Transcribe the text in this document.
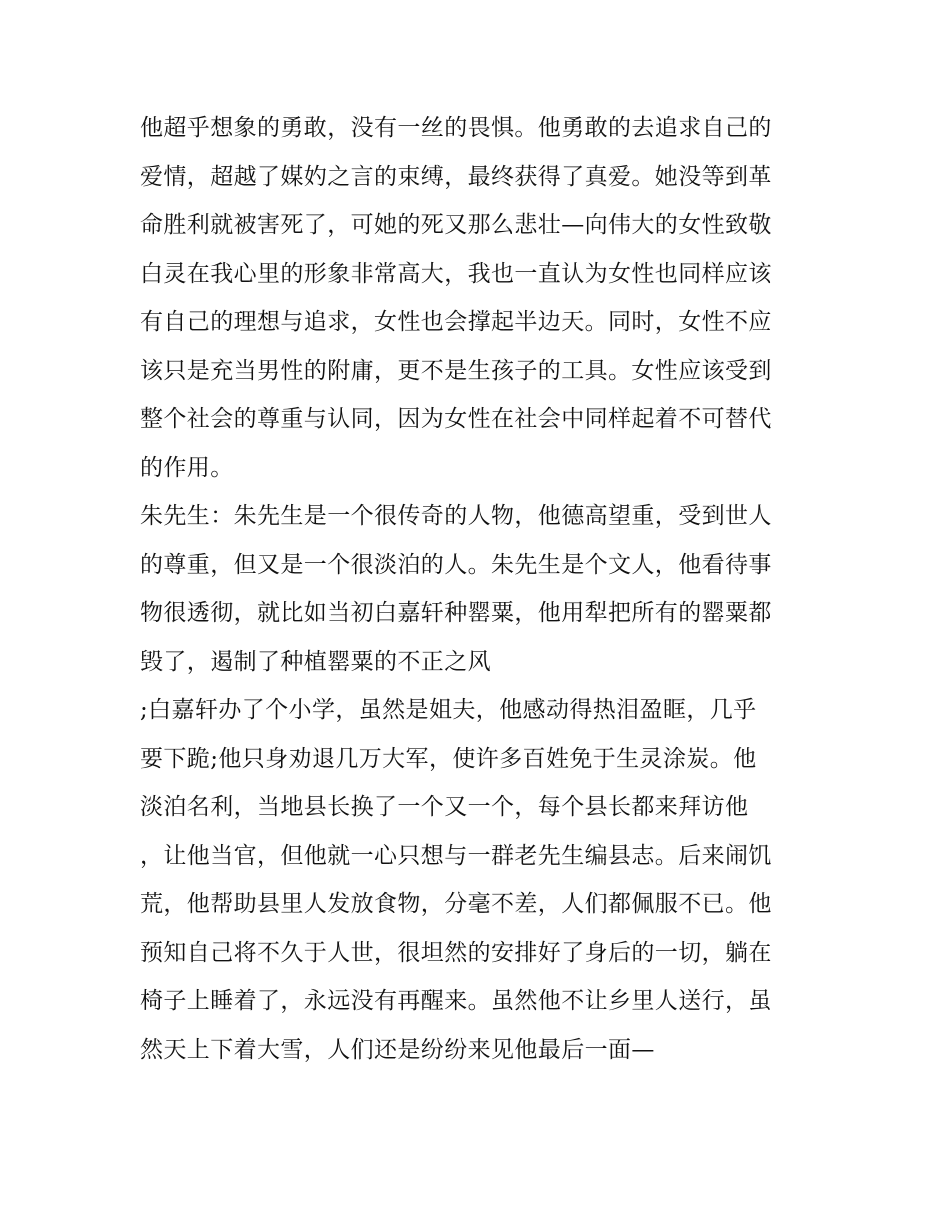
他超乎想象的勇敢，没有一丝的畏惧。他勇敢的去追求自己的
爱情，超越了媒妁之言的束缚，最终获得了真爱。她没等到革
命胜利就被害死了，可她的死又那么悲壮—向伟大的女性致敬
白灵在我心里的形象非常高大，我也一直认为女性也同样应该
有自己的理想与追求，女性也会撑起半边天。同时，女性不应
该只是充当男性的附庸，更不是生孩子的工具。女性应该受到
整个社会的尊重与认同，因为女性在社会中同样起着不可替代
的作用。
朱先生：朱先生是一个很传奇的人物，他德高望重，受到世人
的尊重，但又是一个很淡泊的人。朱先生是个文人，他看待事
物很透彻，就比如当初白嘉轩种罂粟，他用犁把所有的罂粟都
毁了，遏制了种植罂粟的不正之风
;白嘉轩办了个小学，虽然是姐夫，他感动得热泪盈眶，几乎
要下跪;他只身劝退几万大军，使许多百姓免于生灵涂炭。他
淡泊名利，当地县长换了一个又一个，每个县长都来拜访他
，让他当官，但他就一心只想与一群老先生编县志。后来闹饥
荒，他帮助县里人发放食物，分毫不差，人们都佩服不已。他
预知自己将不久于人世，很坦然的安排好了身后的一切，躺在
椅子上睡着了，永远没有再醒来。虽然他不让乡里人送行，虽
然天上下着大雪，人们还是纷纷来见他最后一面—
